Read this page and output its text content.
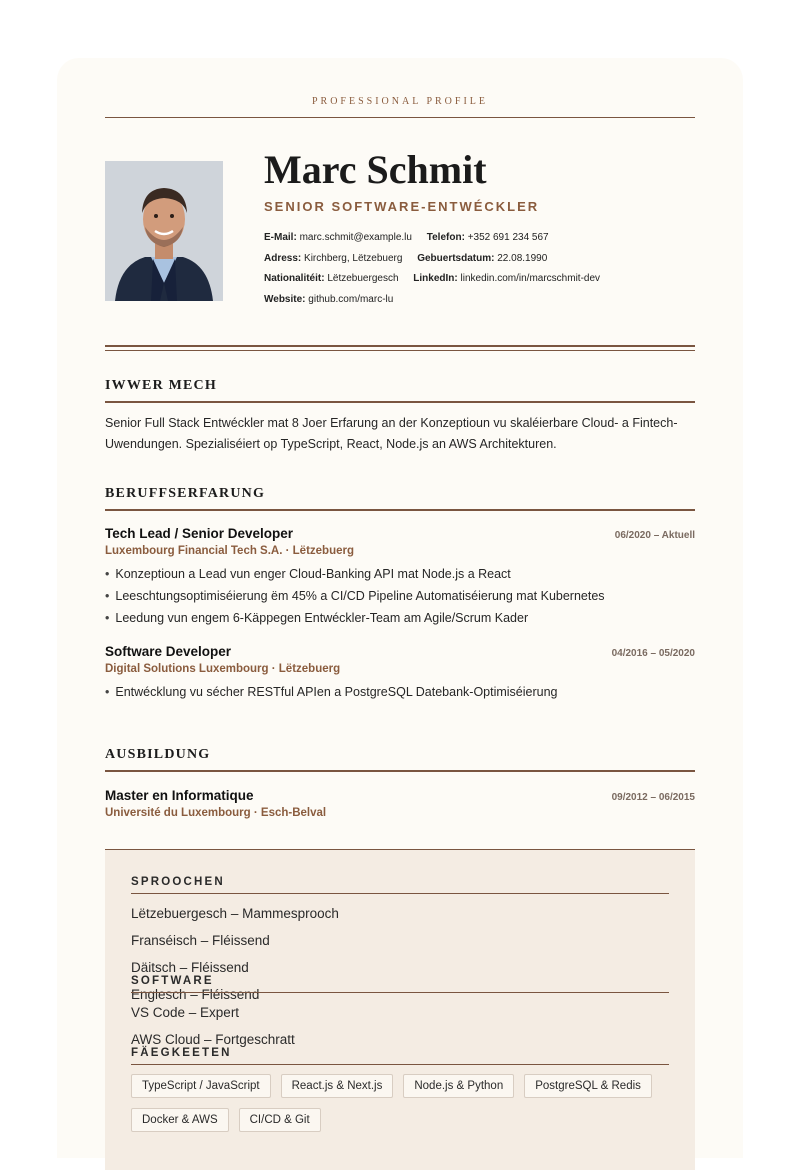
PROFESSIONAL PROFILE
Marc Schmit
SENIOR SOFTWARE-ENTWÉCKLER
E-Mail: marc.schmit@example.lu Telefon: +352 691 234 567
Adress: Kirchberg, Lëtzebuerg Gebuertsdatum: 22.08.1990
Nationalitéit: Lëtzebuergesch LinkedIn: linkedin.com/in/marcschmit-dev
Website: github.com/marc-lu
IWWER MECH
Senior Full Stack Entwéckler mat 8 Joer Erfarung an der Konzeptioun vu skaléierbare Cloud- a Fintech-Uwendungen. Spezialiséiert op TypeScript, React, Node.js an AWS Architekturen.
BERUFFSERFARUNG
Tech Lead / Senior Developer	06/2020 – Aktuell
Luxembourg Financial Tech S.A. · Lëtzebuerg
• Konzeptioun a Lead vun enger Cloud-Banking API mat Node.js a React
• Leeschtungsoptimiséierung ëm 45% a CI/CD Pipeline Automatiséierung mat Kubernetes
• Leedung vun engem 6-Käppegen Entwéckler-Team am Agile/Scrum Kader
Software Developer	04/2016 – 05/2020
Digital Solutions Luxembourg · Lëtzebuerg
• Entwécklung vu sécher RESTful APIen a PostgreSQL Datebank-Optimiséierung
AUSBILDUNG
Master en Informatique	09/2012 – 06/2015
Université du Luxembourg · Esch-Belval
SPROOCHEN
Lëtzebuergesch – Mammesprooch
Franséisch – Fléissend
Däitsch – Fléissend
Englesch – Fléissend
SOFTWARE
VS Code – Expert
AWS Cloud – Fortgeschratt
FÄEGKEETEN
TypeScript / JavaScript	React.js & Next.js	Node.js & Python	PostgreSQL & Redis
Docker & AWS	CI/CD & Git
